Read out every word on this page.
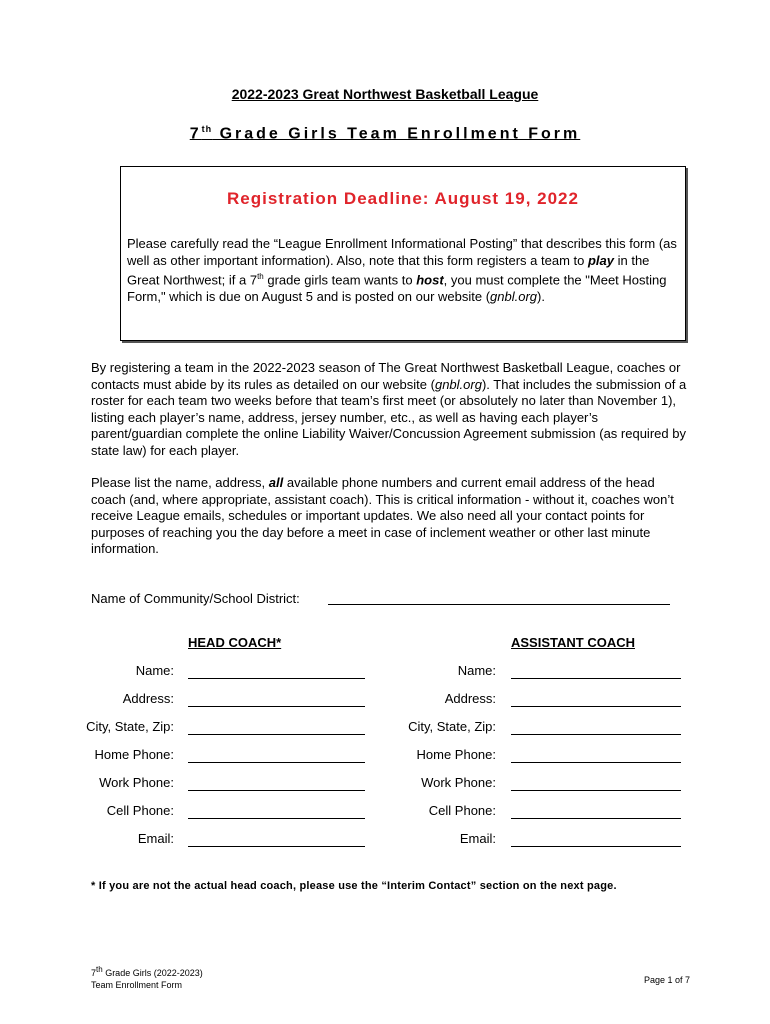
2022-2023 Great Northwest Basketball League
7th Grade Girls Team Enrollment Form
Registration Deadline: August 19, 2022
Please carefully read the “League Enrollment Informational Posting” that describes this form (as well as other important information). Also, note that this form registers a team to play in the Great Northwest; if a 7th grade girls team wants to host, you must complete the "Meet Hosting Form," which is due on August 5 and is posted on our website (gnbl.org).
By registering a team in the 2022-2023 season of The Great Northwest Basketball League, coaches or contacts must abide by its rules as detailed on our website (gnbl.org). That includes the submission of a roster for each team two weeks before that team’s first meet (or absolutely no later than November 1), listing each player’s name, address, jersey number, etc., as well as having each player’s parent/guardian complete the online Liability Waiver/Concussion Agreement submission (as required by state law) for each player.
Please list the name, address, all available phone numbers and current email address of the head coach (and, where appropriate, assistant coach). This is critical information - without it, coaches won’t receive League emails, schedules or important updates. We also need all your contact points for purposes of reaching you the day before a meet in case of inclement weather or other last minute information.
Name of Community/School District:
HEAD COACH*	ASSISTANT COACH
Name:
Address:
City, State, Zip:
Home Phone:
Work Phone:
Cell Phone:
Email:
Name:
Address:
City, State, Zip:
Home Phone:
Work Phone:
Cell Phone:
Email:
* If you are not the actual head coach, please use the “Interim Contact” section on the next page.
7th Grade Girls (2022-2023)
Team Enrollment Form	Page 1 of 7
